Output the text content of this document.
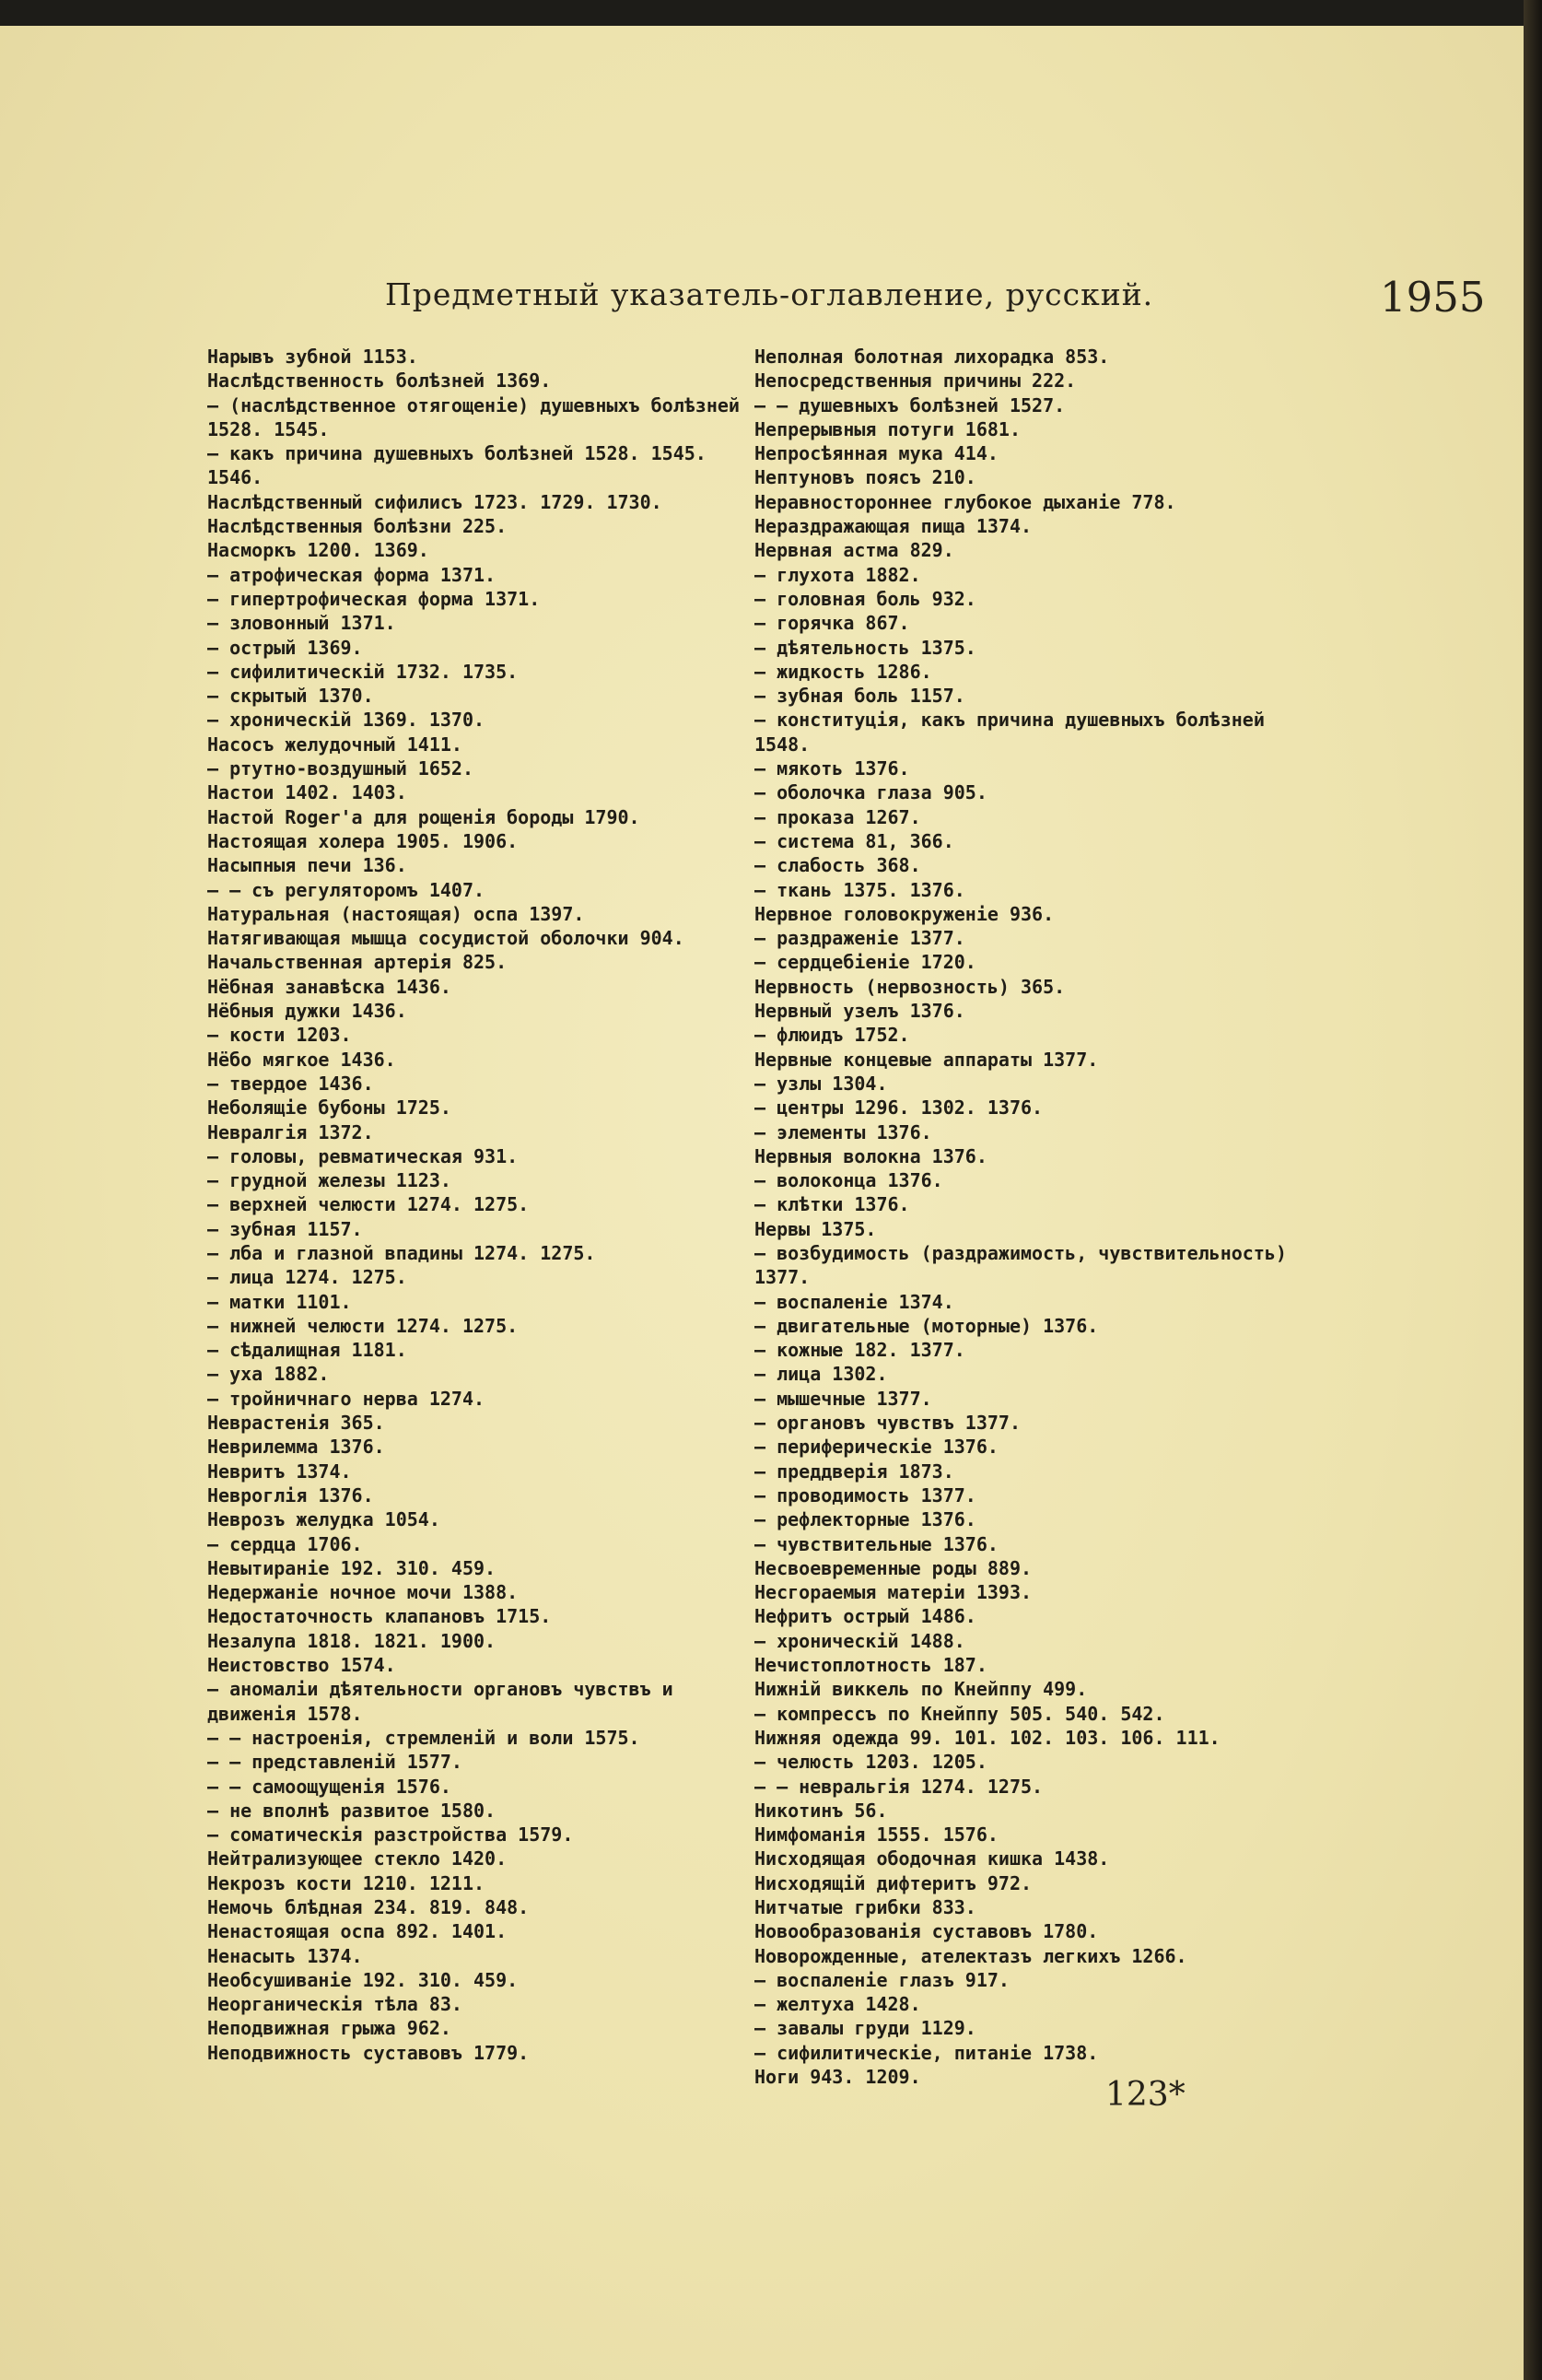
Предметный указатель-оглавление, русский.	1955
Нарывъ зубной 1153.
Наслѣдственность болѣзней 1369.
— (наслѣдственное отягощеніе) душевныхъ болѣзней 1528. 1545.
— какъ причина душевныхъ болѣзней 1528. 1545. 1546.
Наслѣдственный сифилисъ 1723. 1729. 1730.
Наслѣдственныя болѣзни 225.
Насморкъ 1200. 1369.
— атрофическая форма 1371.
— гипертрофическая форма 1371.
— зловонный 1371.
— острый 1369.
— сифилитическій 1732. 1735.
— скрытый 1370.
— хроническій 1369. 1370.
Насосъ желудочный 1411.
— ртутно-воздушный 1652.
Настои 1402. 1403.
Настой Roger'а для рощенія бороды 1790.
Настоящая холера 1905. 1906.
Насыпныя печи 136.
— — съ регуляторомъ 1407.
Натуральная (настоящая) оспа 1397.
Натягивающая мышца сосудистой оболочки 904.
Начальственная артерія 825.
Нёбная занавѣска 1436.
Нёбныя дужки 1436.
— кости 1203.
Нёбо мягкое 1436.
— твердое 1436.
Неболящіе бубоны 1725.
Невралгія 1372.
— головы, ревматическая 931.
— грудной железы 1123.
— верхней челюсти 1274. 1275.
— зубная 1157.
— лба и глазной впадины 1274. 1275.
— лица 1274. 1275.
— матки 1101.
— нижней челюсти 1274. 1275.
— сѣдалищная 1181.
— уха 1882.
— тройничнаго нерва 1274.
Неврастенія 365.
Неврилемма 1376.
Невритъ 1374.
Невроглія 1376.
Неврозъ желудка 1054.
— сердца 1706.
Невытираніе 192. 310. 459.
Недержаніе ночное мочи 1388.
Недостаточность клапановъ 1715.
Незалупа 1818. 1821. 1900.
Неистовство 1574.
— аномаліи дѣятельности органовъ чувствъ и движенія 1578.
— — настроенія, стремленій и воли 1575.
— — представленій 1577.
— — самоощущенія 1576.
— не вполнѣ развитое 1580.
— соматическія разстройства 1579.
Нейтрализующее стекло 1420.
Некрозъ кости 1210. 1211.
Немочь блѣдная 234. 819. 848.
Ненастоящая оспа 892. 1401.
Ненасыть 1374.
Необсушиваніе 192. 310. 459.
Неорганическія тѣла 83.
Неподвижная грыжа 962.
Неподвижность суставовъ 1779.
Неполная болотная лихорадка 853.
Непосредственныя причины 222.
— — душевныхъ болѣзней 1527.
Непрерывныя потуги 1681.
Непросѣянная мука 414.
Нептуновъ поясъ 210.
Неравностороннее глубокое дыханіе 778.
Нераздражающая пища 1374.
Нервная астма 829.
— глухота 1882.
— головная боль 932.
— горячка 867.
— дѣятельность 1375.
— жидкость 1286.
— зубная боль 1157.
— конституція, какъ причина душевныхъ болѣзней 1548.
— мякоть 1376.
— оболочка глаза 905.
— проказа 1267.
— система 81, 366.
— слабость 368.
— ткань 1375. 1376.
Нервное головокруженіе 936.
— раздраженіе 1377.
— сердцебіеніе 1720.
Нервность (нервозность) 365.
Нервный узелъ 1376.
— флюидъ 1752.
Нервные концевые аппараты 1377.
— узлы 1304.
— центры 1296. 1302. 1376.
— элементы 1376.
Нервныя волокна 1376.
— волоконца 1376.
— клѣтки 1376.
Нервы 1375.
— возбудимость (раздражимость, чувствительность) 1377.
— воспаленіе 1374.
— двигательные (моторные) 1376.
— кожные 182. 1377.
— лица 1302.
— мышечные 1377.
— органовъ чувствъ 1377.
— периферическіе 1376.
— преддверія 1873.
— проводимость 1377.
— рефлекторные 1376.
— чувствительные 1376.
Несвоевременные роды 889.
Несгораемыя матеріи 1393.
Нефритъ острый 1486.
— хроническій 1488.
Нечистоплотность 187.
Нижній виккель по Кнейппу 499.
— компрессъ по Кнейппу 505. 540. 542.
Нижняя одежда 99. 101. 102. 103. 106. 111.
— челюсть 1203. 1205.
— — невральгія 1274. 1275.
Никотинъ 56.
Нимфоманія 1555. 1576.
Нисходящая ободочная кишка 1438.
Нисходящій дифтеритъ 972.
Нитчатые грибки 833.
Новообразованія суставовъ 1780.
Новорожденные, ателектазъ легкихъ 1266.
— воспаленіе глазъ 917.
— желтуха 1428.
— завалы груди 1129.
— сифилитическіе, питаніе 1738.
Ноги 943. 1209.	123*
